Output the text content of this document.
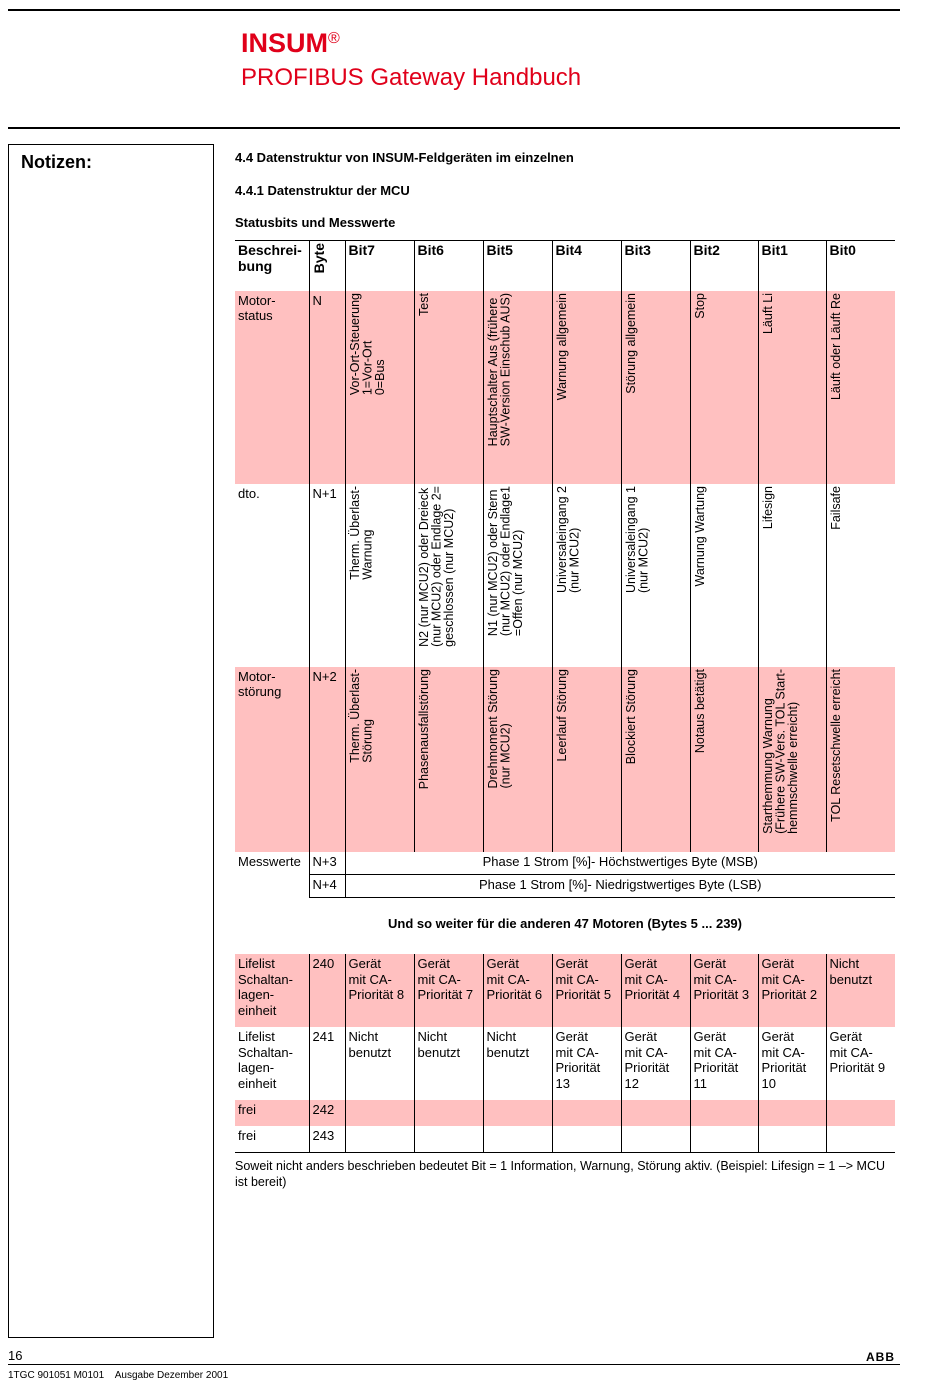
INSUM®
PROFIBUS Gateway Handbuch
Notizen:	4.4 Datenstruktur von INSUM-Feldgeräten im einzelnen
4.4.1 Datenstruktur der MCU
Statusbits und Messwerte
Beschrei-
bung	Byte	Bit7	Bit6	Bit5	Bit4	Bit3	Bit2	Bit1	Bit0
Motor-
status	N	Vor-Ort-Steuerung
1=Vor-Ort
0=Bus	Test	Hauptschalter Aus (frühere
SW-Version Einschub AUS)	Warnung allgemein	Störung allgemein	Stop	Läuft Li	Läuft oder Läuft Re

dto.	N+1	Therm. Überlast-
Warnung	N2 (nur MCU2) oder Dreieck
(nur MCU2) oder Endlage 2=
geschlossen (nur MCU2)	N1 (nur MCU2) oder Stern
(nur MCU2) oder Endlage1
=Offen (nur MCU2)	Universaleingang 2
(nur MCU2)	Universaleingang 1
(nur MCU2)	Warnung Wartung	Lifesign	Failsafe

Motor-
störung	N+2	Therm. Überlast-
Störung	Phasenausfallstörung	Drehmoment Störung
(nur MCU2)	Leerlauf Störung	Blockiert Störung	Notaus betätigt	Starthemmung Warnung
(Frühere SW-Vers. TOL Start-
hemmschwelle erreicht)	TOL Resetschwelle erreicht

Messwerte	N+3	Phase 1 Strom [%]- Höchstwertiges Byte (MSB)							
	N+4	Phase 1 Strom [%]- Niedrigstwertiges Byte (LSB)							
Und so weiter für die anderen 47 Motoren (Bytes 5 ... 239)
Lifelist
Schaltan-
lagen-
einheit	240	Gerät
mit CA-
Priorität 8	Gerät
mit CA-
Priorität 7	Gerät
mit CA-
Priorität 6	Gerät
mit CA-
Priorität 5	Gerät
mit CA-
Priorität 4	Gerät
mit CA-
Priorität 3	Gerät
mit CA-
Priorität 2	Nicht
benutzt
Lifelist
Schaltan-
lagen-
einheit	241	Nicht
benutzt	Nicht
benutzt	Nicht
benutzt	Gerät
mit CA-
Priorität 13	Gerät
mit CA-
Priorität 12	Gerät
mit CA-
Priorität 11	Gerät
mit CA-
Priorität 10	Gerät
mit CA-
Priorität 9
frei	242								
frei	243								
Soweit nicht anders beschrieben bedeutet Bit = 1 Information, Warnung, Störung aktiv. (Beispiel: Lifesign = 1 –> MCU ist bereit)
16
1TGC 901051 M0101    Ausgabe Dezember 2001
ABB
